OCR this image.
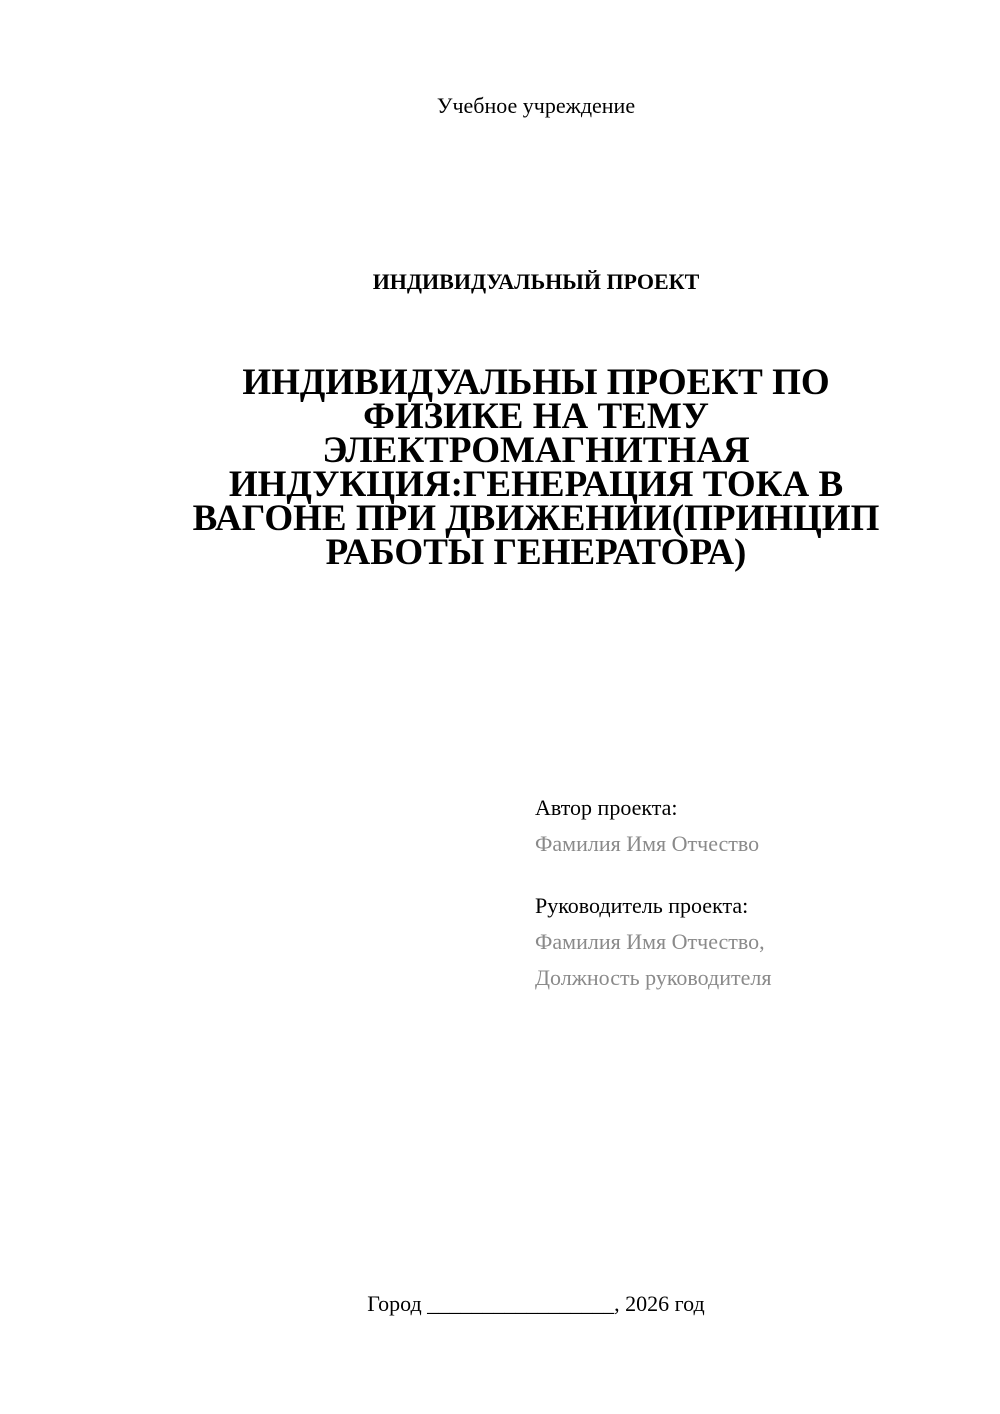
Учебное учреждение
ИНДИВИДУАЛЬНЫЙ ПРОЕКТ
ИНДИВИДУАЛЬНЫ ПРОЕКТ ПО
ФИЗИКЕ НА ТЕМУ
ЭЛЕКТРОМАГНИТНАЯ
ИНДУКЦИЯ:ГЕНЕРАЦИЯ ТОКА В
ВАГОНЕ ПРИ ДВИЖЕНИИ(ПРИНЦИП
РАБОТЫ ГЕНЕРАТОРА)
Автор проекта:
Фамилия Имя Отчество
Руководитель проекта:
Фамилия Имя Отчество,
Должность руководителя
Город _________________, 2026 год
